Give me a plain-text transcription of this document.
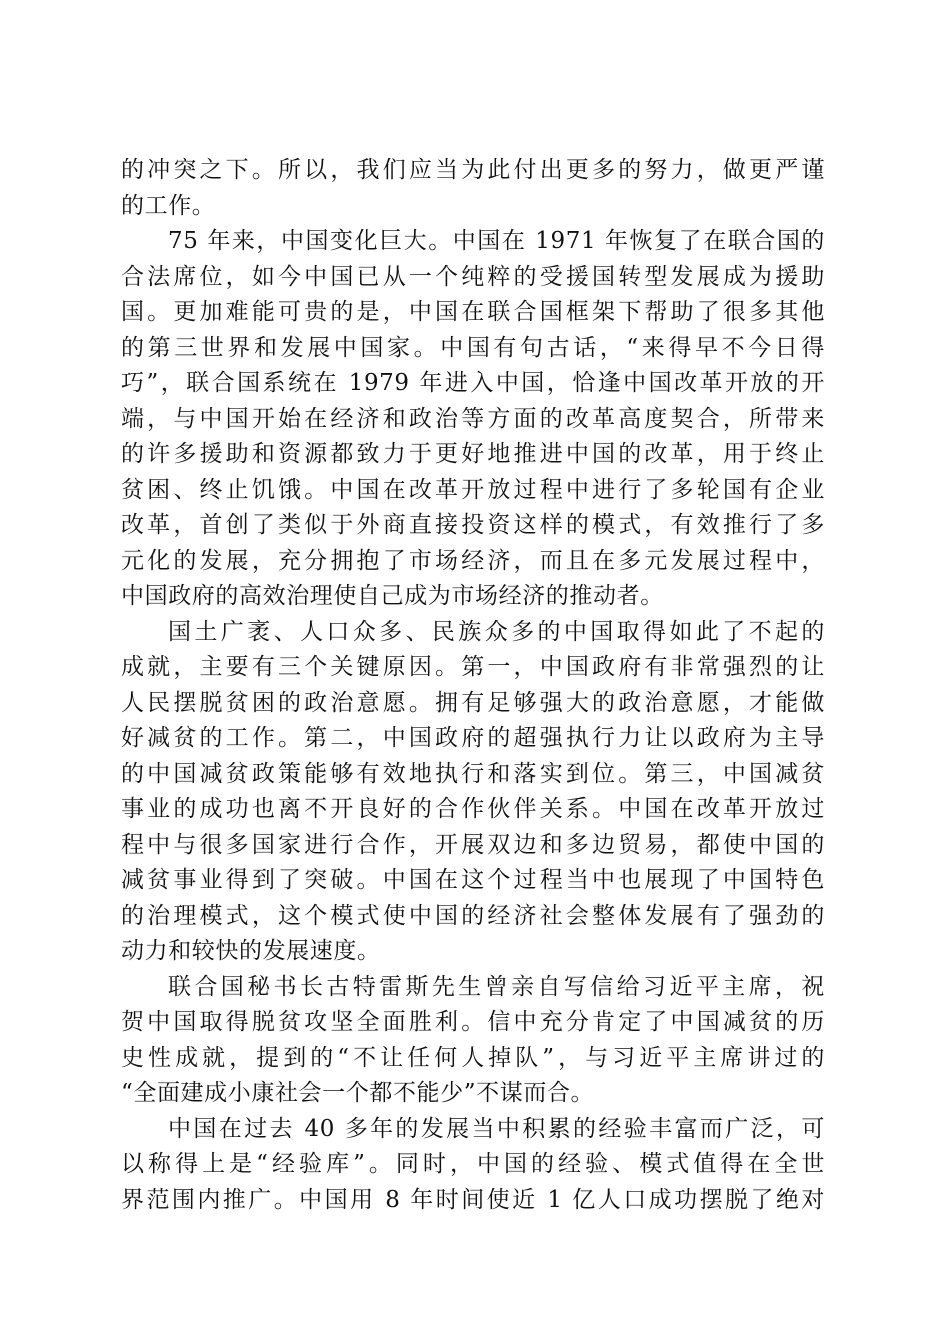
的冲突之下。所以，我们应当为此付出更多的努力，做更严谨
的工作。

75 年来，中国变化巨大。中国在 1971 年恢复了在联合国的
合法席位，如今中国已从一个纯粹的受援国转型发展成为援助
国。更加难能可贵的是，中国在联合国框架下帮助了很多其他
的第三世界和发展中国家。中国有句古话，“来得早不今日得
巧”，联合国系统在 1979 年进入中国，恰逢中国改革开放的开
端，与中国开始在经济和政治等方面的改革高度契合，所带来
的许多援助和资源都致力于更好地推进中国的改革，用于终止
贫困、终止饥饿。中国在改革开放过程中进行了多轮国有企业
改革，首创了类似于外商直接投资这样的模式，有效推行了多
元化的发展，充分拥抱了市场经济，而且在多元发展过程中，
中国政府的高效治理使自己成为市场经济的推动者。

国土广袤、人口众多、民族众多的中国取得如此了不起的
成就，主要有三个关键原因。第一，中国政府有非常强烈的让
人民摆脱贫困的政治意愿。拥有足够强大的政治意愿，才能做
好减贫的工作。第二，中国政府的超强执行力让以政府为主导
的中国减贫政策能够有效地执行和落实到位。第三，中国减贫
事业的成功也离不开良好的合作伙伴关系。中国在改革开放过
程中与很多国家进行合作，开展双边和多边贸易，都使中国的
减贫事业得到了突破。中国在这个过程当中也展现了中国特色
的治理模式，这个模式使中国的经济社会整体发展有了强劲的
动力和较快的发展速度。

联合国秘书长古特雷斯先生曾亲自写信给习近平主席，祝
贺中国取得脱贫攻坚全面胜利。信中充分肯定了中国减贫的历
史性成就，提到的“不让任何人掉队”，与习近平主席讲过的
“全面建成小康社会一个都不能少”不谋而合。

中国在过去 40 多年的发展当中积累的经验丰富而广泛，可
以称得上是“经验库”。同时，中国的经验、模式值得在全世
界范围内推广。中国用 8 年时间使近 1 亿人口成功摆脱了绝对
